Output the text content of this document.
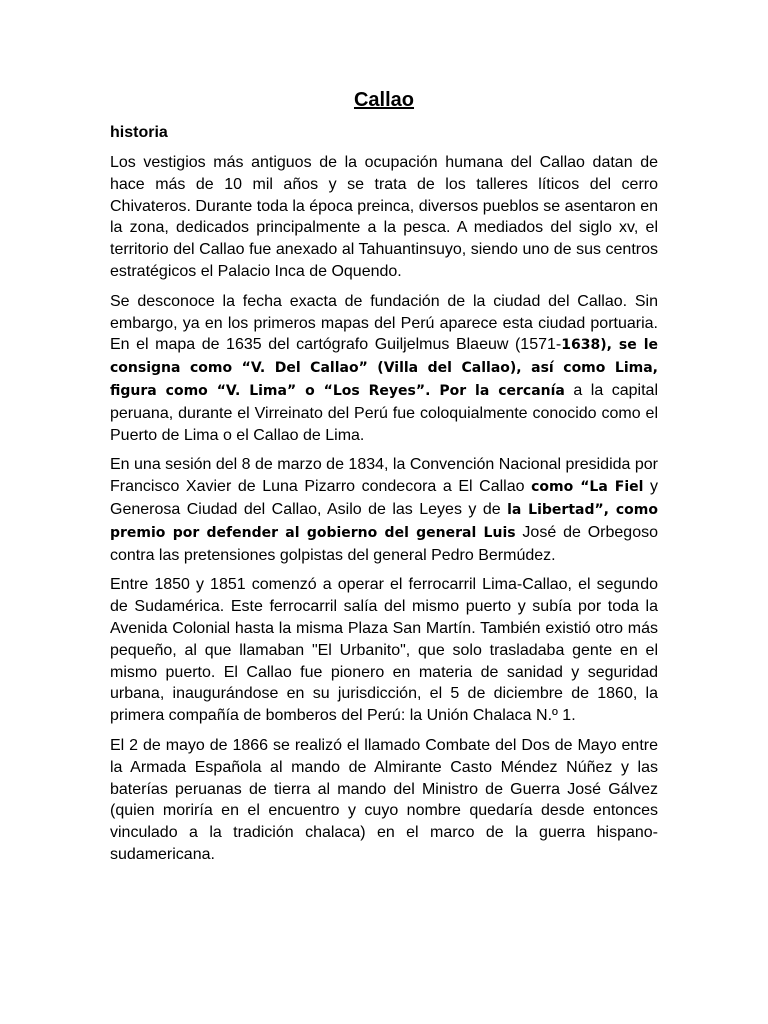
Callao
historia

Los vestigios más antiguos de la ocupación humana del Callao datan de hace más de 10 mil años y se trata de los talleres líticos del cerro Chivateros. Durante toda la época preinca, diversos pueblos se asentaron en la zona, dedicados principalmente a la pesca. A mediados del siglo xv, el territorio del Callao fue anexado al Tahuantinsuyo, siendo uno de sus centros estratégicos el Palacio Inca de Oquendo.

Se desconoce la fecha exacta de fundación de la ciudad del Callao. Sin embargo, ya en los primeros mapas del Perú aparece esta ciudad portuaria. En el mapa de 1635 del cartógrafo Guiljelmus Blaeuw (1571-1638), se le consigna como “V. Del Callao” (Villa del Callao), así como Lima, figura como “V. Lima” o “Los Reyes”. Por la cercanía a la capital peruana, durante el Virreinato del Perú fue coloquialmente conocido como el Puerto de Lima o el Callao de Lima.

En una sesión del 8 de marzo de 1834, la Convención Nacional presidida por Francisco Xavier de Luna Pizarro condecora a El Callao como “La Fiel y Generosa Ciudad del Callao, Asilo de las Leyes y de la Libertad”, como premio por defender al gobierno del general Luis José de Orbegoso contra las pretensiones golpistas del general Pedro Bermúdez.

Entre 1850 y 1851 comenzó a operar el ferrocarril Lima-Callao, el segundo de Sudamérica. Este ferrocarril salía del mismo puerto y subía por toda la Avenida Colonial hasta la misma Plaza San Martín. También existió otro más pequeño, al que llamaban "El Urbanito", que solo trasladaba gente en el mismo puerto. El Callao fue pionero en materia de sanidad y seguridad urbana, inaugurándose en su jurisdicción, el 5 de diciembre de 1860, la primera compañía de bomberos del Perú: la Unión Chalaca N.º 1.

El 2 de mayo de 1866 se realizó el llamado Combate del Dos de Mayo entre la Armada Española al mando de Almirante Casto Méndez Núñez y las baterías peruanas de tierra al mando del Ministro de Guerra José Gálvez (quien moriría en el encuentro y cuyo nombre quedaría desde entonces vinculado a la tradición chalaca) en el marco de la guerra hispano-sudamericana.
